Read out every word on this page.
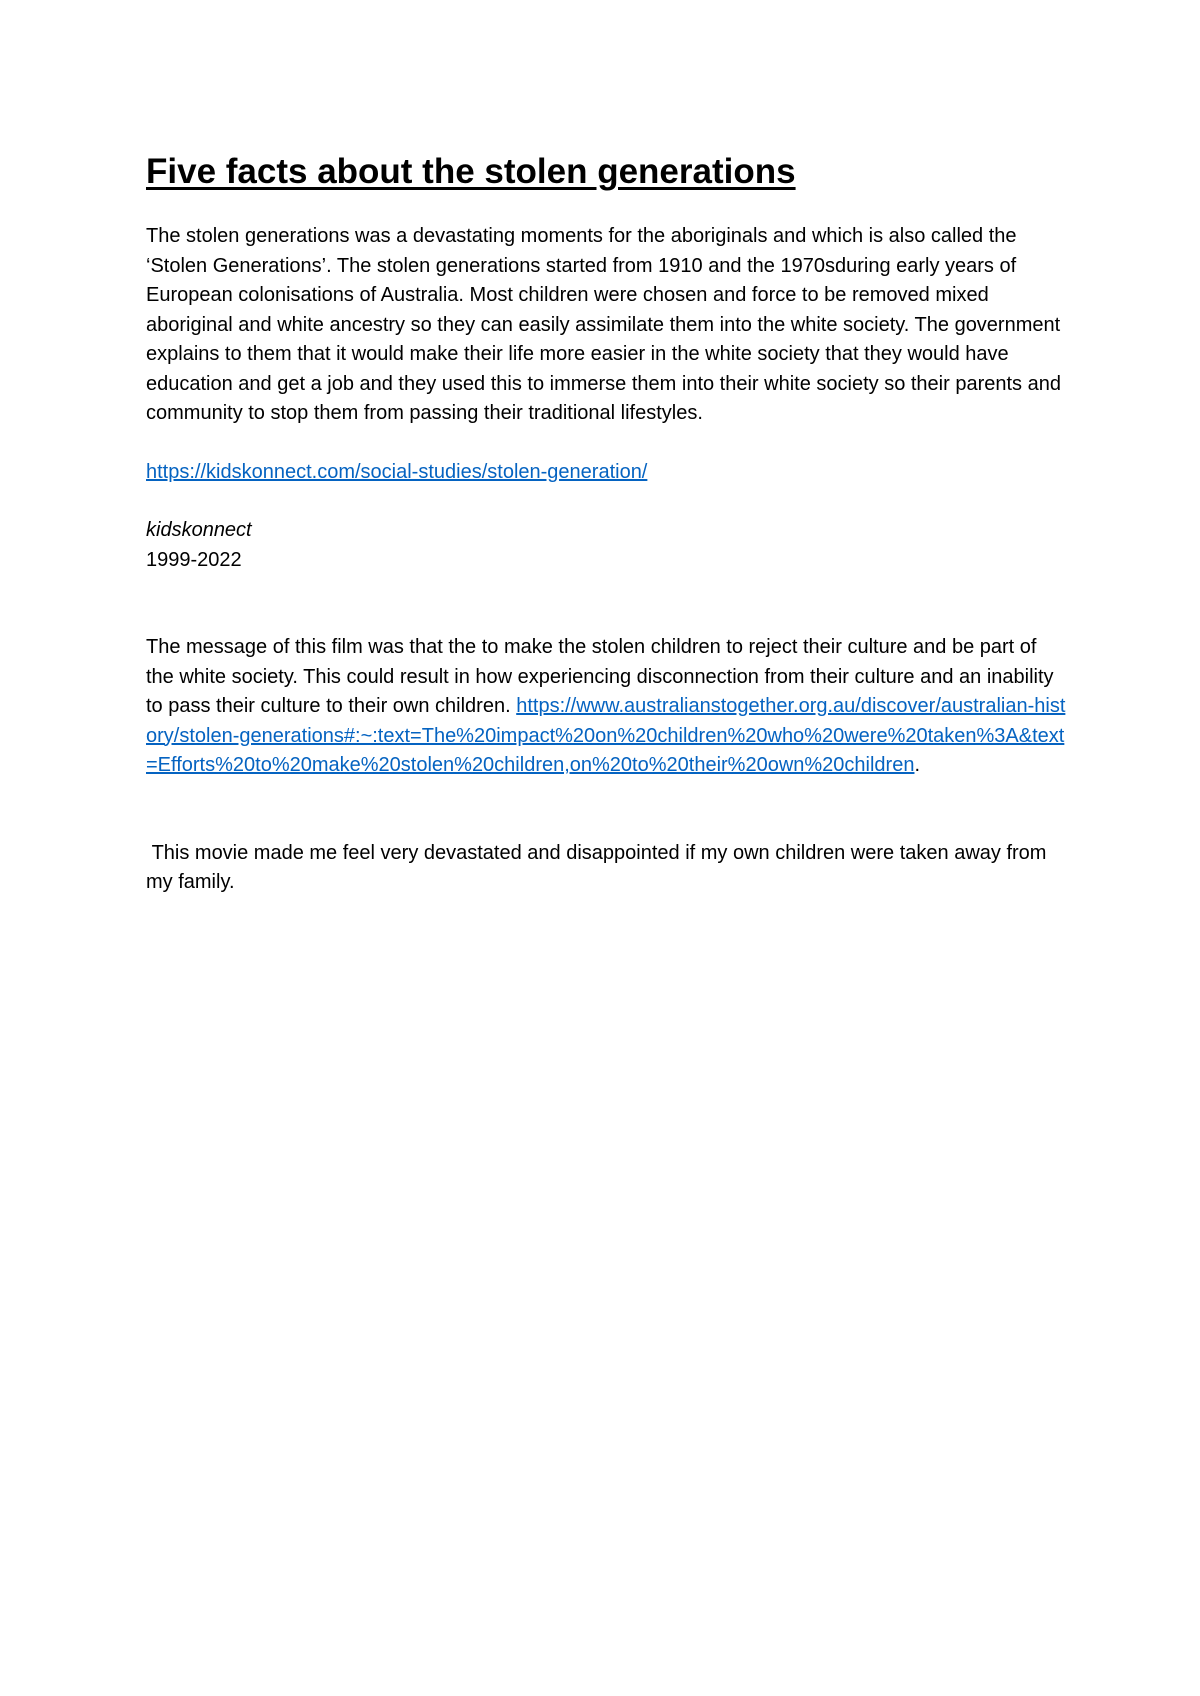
Five facts about the stolen generations

The stolen generations was a devastating moments for the aboriginals and which is also called the ‘Stolen Generations’. The stolen generations started from 1910 and the 1970sduring early years of European colonisations of Australia. Most children were chosen and force to be removed mixed aboriginal and white ancestry so they can easily assimilate them into the white society. The government explains to them that it would make their life more easier in the white society that they would have education and get a job and they used this to immerse them into their white society so their parents and community to stop them from passing their traditional lifestyles.

https://kidskonnect.com/social-studies/stolen-generation/

kidskonnect

1999-2022

The message of this film was that the to make the stolen children to reject their culture and be part of the white society. This could result in how experiencing disconnection from their culture and an inability to pass their culture to their own children. https://www.australianstogether.org.au/discover/australian-history/stolen-generations#:~:text=The%20impact%20on%20children%20who%20were%20taken%3A&text=Efforts%20to%20make%20stolen%20children,on%20to%20their%20own%20children.

This movie made me feel very devastated and disappointed if my own children were taken away from my family.
